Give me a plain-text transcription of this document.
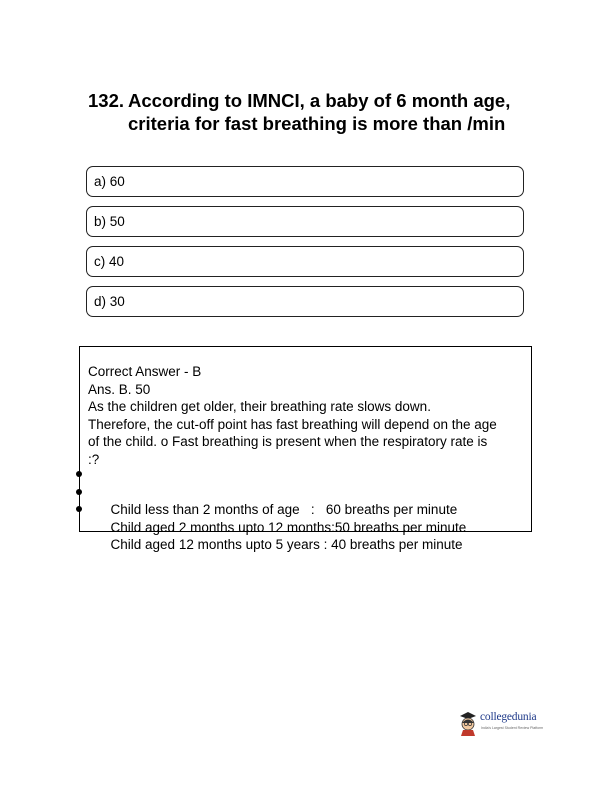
132. According to IMNCI, a baby of 6 month age, criteria for fast breathing is more than /min
a) 60
b) 50
c) 40
d) 30
Correct Answer - B
Ans. B. 50
As the children get older, their breathing rate slows down.
Therefore, the cut-off point has fast breathing will depend on the age
of the child. o Fast breathing is present when the respiratory rate is
:?

Child less than 2 months of age   :   60 breaths per minute

Child aged 2 months upto 12 months:50 breaths per minute

Child aged 12 months upto 5 years : 40 breaths per minute

collegedunia
India's Largest Student Review Platform
